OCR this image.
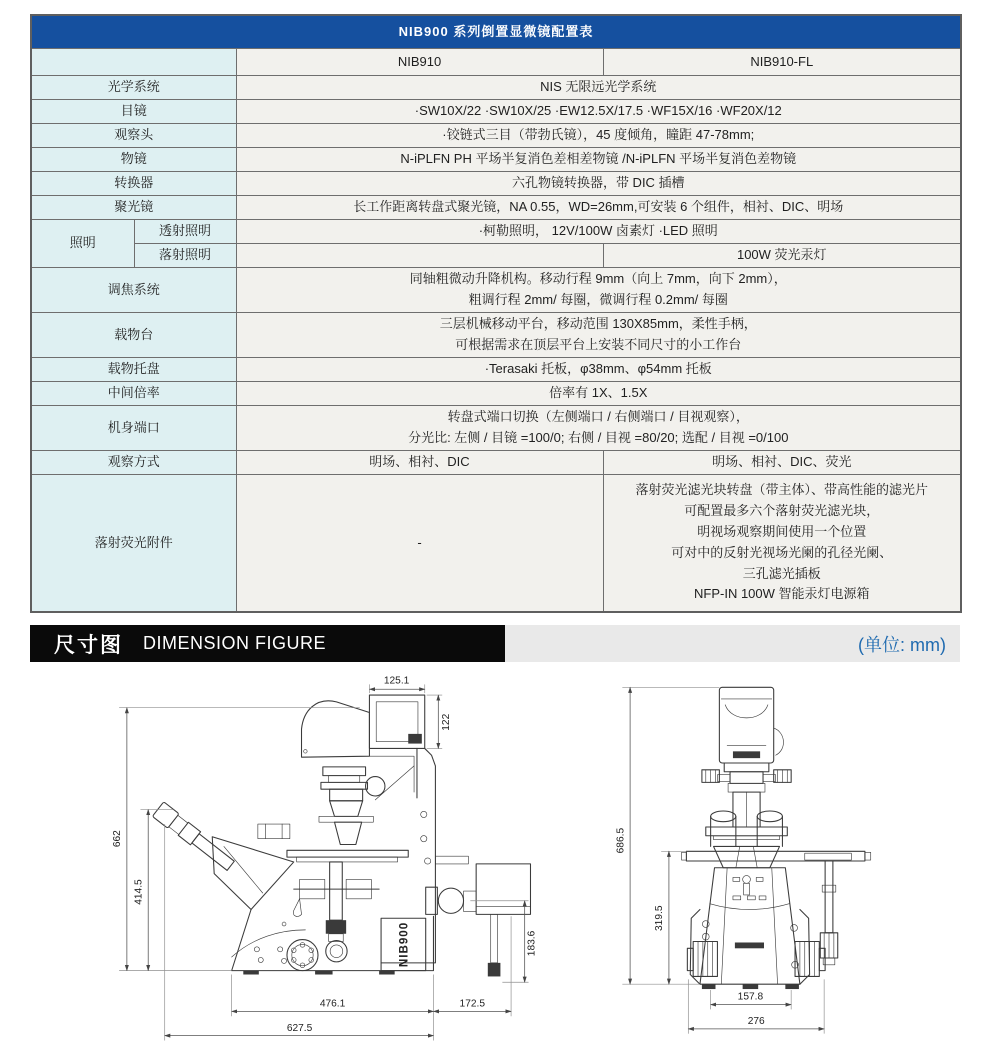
NIB900 系列倒置显微镜配置表			
		NIB910	NIB910-FL
光学系统		NIS 无限远光学系统	
目镜		·SW10X/22 ·SW10X/25 ·EW12.5X/17.5 ·WF15X/16 ·WF20X/12	
观察头		·铰链式三目（带勃氏镜），45 度倾角，瞳距 47-78mm;	
物镜		N-iPLFN PH 平场半复消色差相差物镜 /N-iPLFN 平场半复消色差物镜	
转换器		六孔物镜转换器，带 DIC 插槽	
聚光镜		长工作距离转盘式聚光镜，NA 0.55，WD=26mm,可安装 6 个组件，相衬、DIC、明场	
照明	透射照明	·柯勒照明， 12V/100W 卤素灯 ·LED 照明	
	落射照明		100W 荧光汞灯
调焦系统		同轴粗微动升降机构。移动行程 9mm（向上 7mm，向下 2mm），
粗调行程 2mm/ 每圈，微调行程 0.2mm/ 每圈	

载物台		三层机械移动平台，移动范围 130X85mm，柔性手柄，
可根据需求在顶层平台上安装不同尺寸的小工作台	

载物托盘		·Terasaki 托板，φ38mm、φ54mm 托板	
中间倍率		倍率有 1X、1.5X	
机身端口		转盘式端口切换（左侧端口 / 右侧端口 / 目视观察），
分光比: 左侧 / 目镜 =100/0; 右侧 / 目视 =80/20; 选配 / 目视 =0/100	

观察方式		明场、相衬、DIC	明场、相衬、DIC、荧光
落射荧光附件	-	
落射荧光滤光块转盘（带主体）、带高性能的滤光片
可配置最多六个落射荧光滤光块，
明视场观察期间使用一个位置
可对中的反射光视场光阑的孔径光阑、
三孔滤光插板
NFP-IN 100W 智能汞灯电源箱
尺寸图 DIMENSION FIGURE	(单位: mm)
NIB900
125.1
122
662
414.5
183.6
476.1	172.5
627.5
686.5
319.5
157.8
276
